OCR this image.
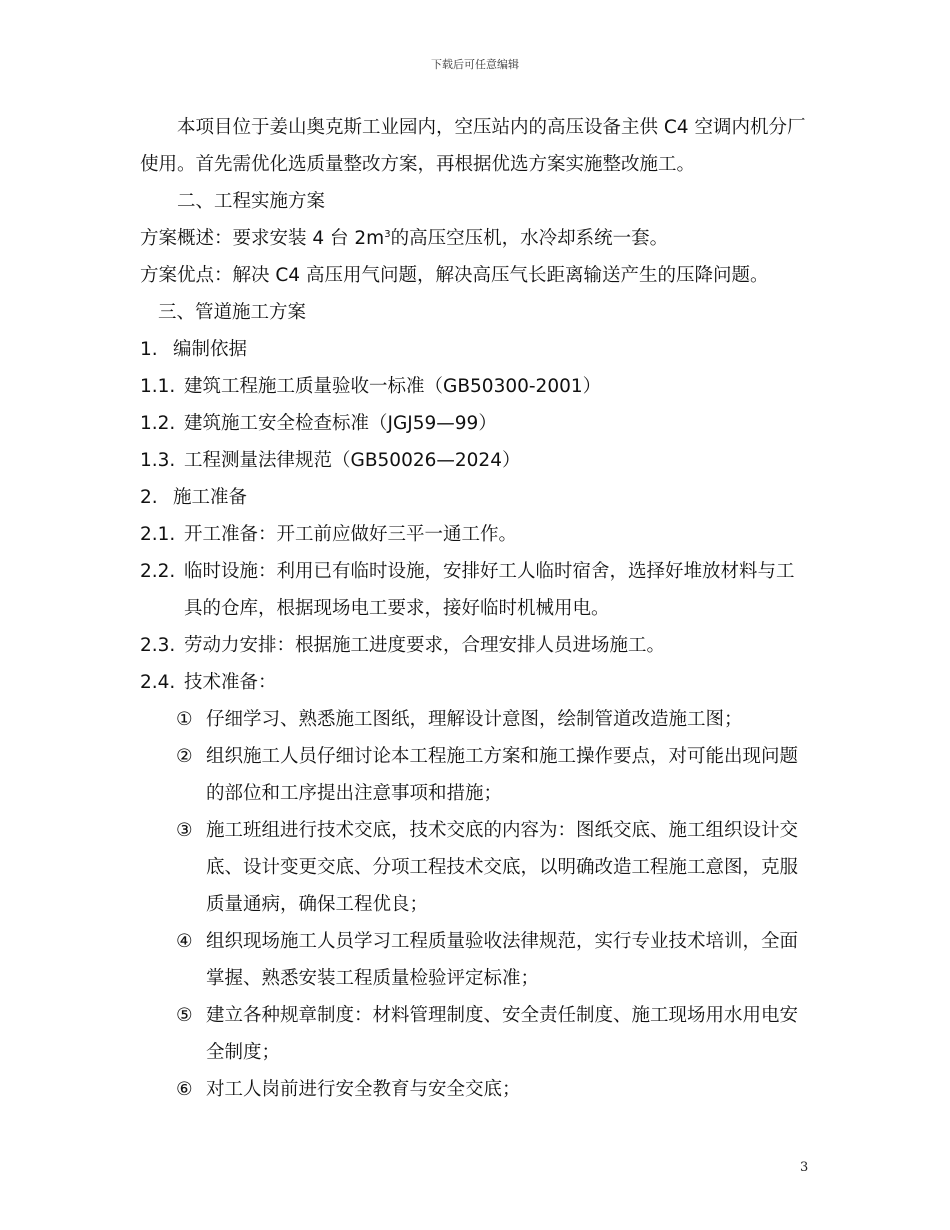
下载后可任意编辑
本项目位于姜山奥克斯工业园内，空压站内的高压设备主供 C4 空调内机分厂
使用。首先需优化选质量整改方案，再根据优选方案实施整改施工。
二、工程实施方案
方案概述：要求安装 4 台 $2m^3$的高压空压机，水冷却系统一套。
方案优点：解决 C4 高压用气问题，解决高压气长距离输送产生的压降问题。
三、管道施工方案
1. 编制依据
1.1. 建筑工程施工质量验收一标准（GB50300-2001）
1.2. 建筑施工安全检查标准（JGJ59—99）
1.3. 工程测量法律规范（GB50026—2024）
2. 施工准备
2.1. 开工准备：开工前应做好三平一通工作。
2.2. 临时设施：利用已有临时设施，安排好工人临时宿舍，选择好堆放材料与工
具的仓库，根据现场电工要求，接好临时机械用电。
2.3. 劳动力安排：根据施工进度要求，合理安排人员进场施工。
2.4. 技术准备：
① 仔细学习、熟悉施工图纸，理解设计意图，绘制管道改造施工图；
② 组织施工人员仔细讨论本工程施工方案和施工操作要点，对可能出现问题
的部位和工序提出注意事项和措施；
③ 施工班组进行技术交底，技术交底的内容为：图纸交底、施工组织设计交
底、设计变更交底、分项工程技术交底，以明确改造工程施工意图，克服
质量通病，确保工程优良；
④ 组织现场施工人员学习工程质量验收法律规范，实行专业技术培训，全面
掌握、熟悉安装工程质量检验评定标准；
⑤ 建立各种规章制度：材料管理制度、安全责任制度、施工现场用水用电安
全制度；
⑥ 对工人岗前进行安全教育与安全交底；
3
